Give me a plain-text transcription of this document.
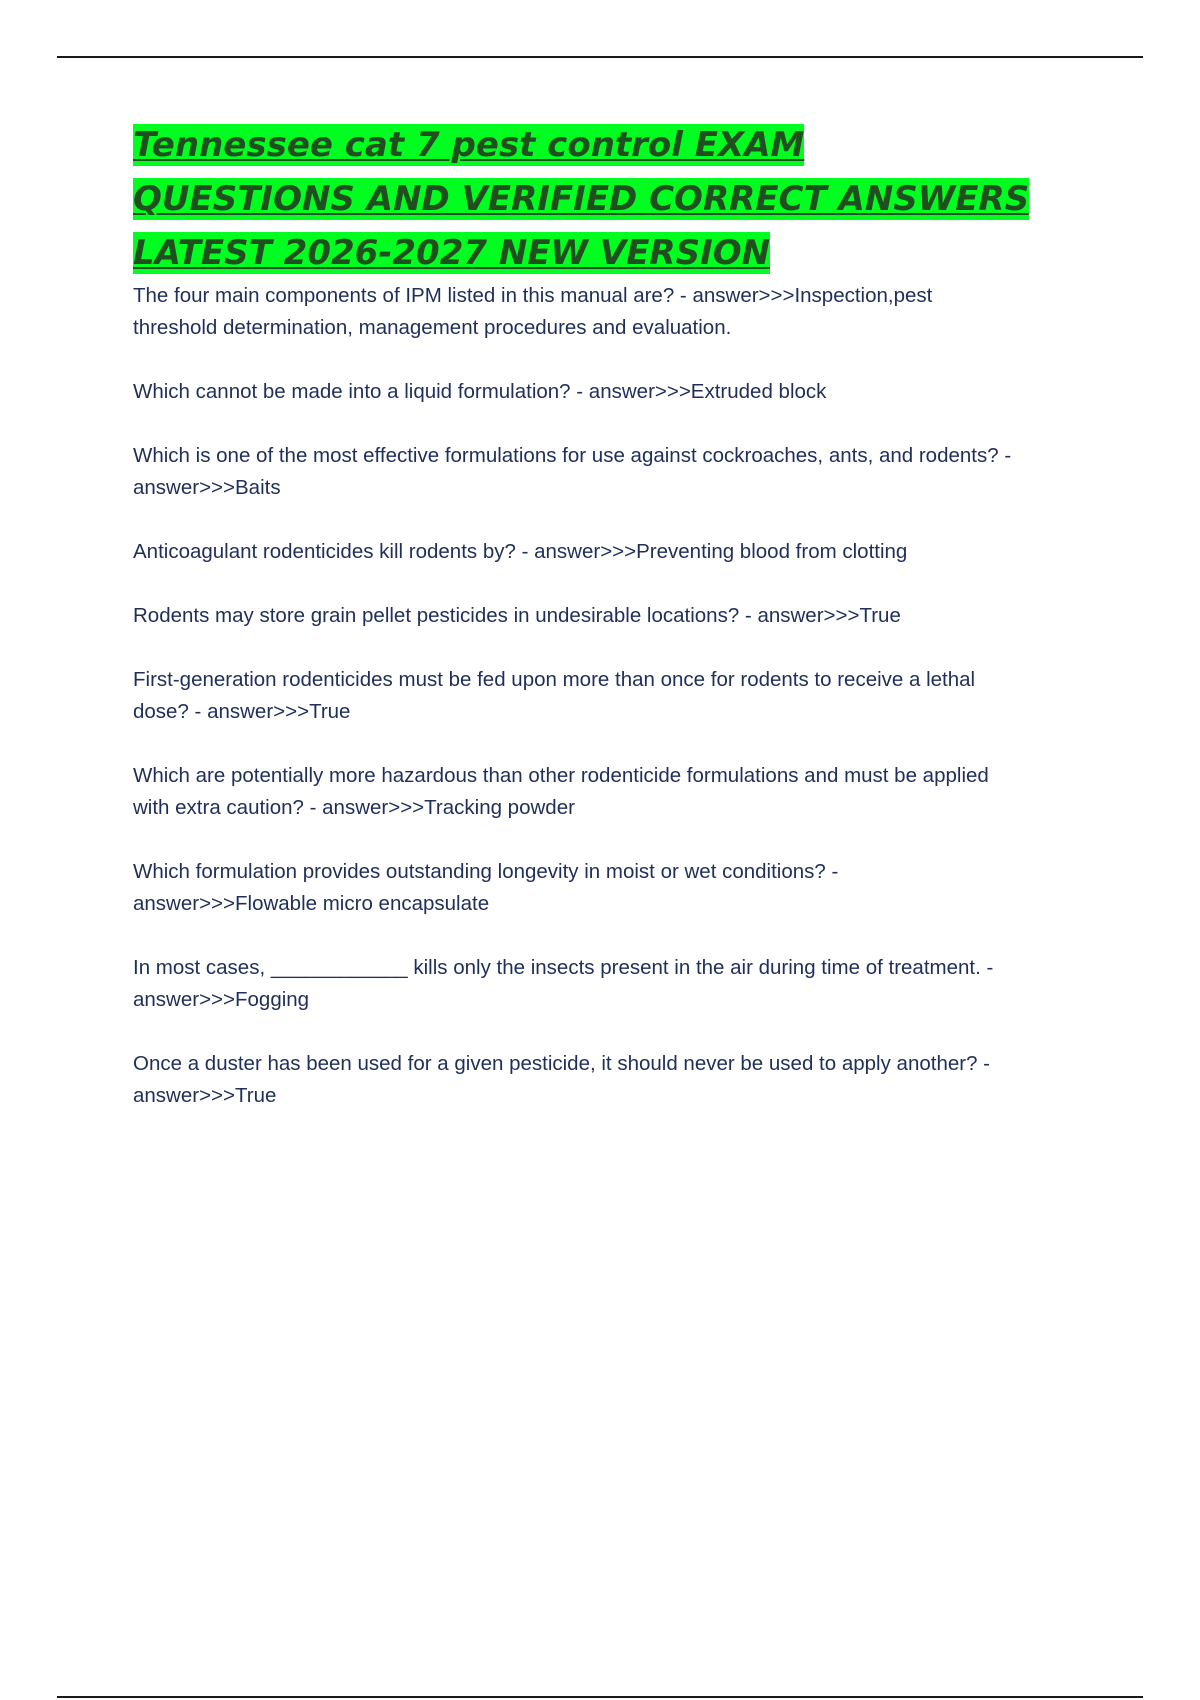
Tennessee cat 7 pest control EXAM QUESTIONS AND VERIFIED CORRECT ANSWERS LATEST 2026-2027 NEW VERSION
The four main components of IPM listed in this manual are? - answer>>>Inspection,pest threshold determination, management procedures and evaluation.
Which cannot be made into a liquid formulation? - answer>>>Extruded block
Which is one of the most effective formulations for use against cockroaches, ants, and rodents? - answer>>>Baits
Anticoagulant rodenticides kill rodents by? - answer>>>Preventing blood from clotting
Rodents may store grain pellet pesticides in undesirable locations? - answer>>>True
First-generation rodenticides must be fed upon more than once for rodents to receive a lethal dose? - answer>>>True
Which are potentially more hazardous than other rodenticide formulations and must be applied with extra caution? - answer>>>Tracking powder
Which formulation provides outstanding longevity in moist or wet conditions? - answer>>>Flowable micro encapsulate
In most cases, ____________ kills only the insects present in the air during time of treatment. - answer>>>Fogging
Once a duster has been used for a given pesticide, it should never be used to apply another? - answer>>>True
